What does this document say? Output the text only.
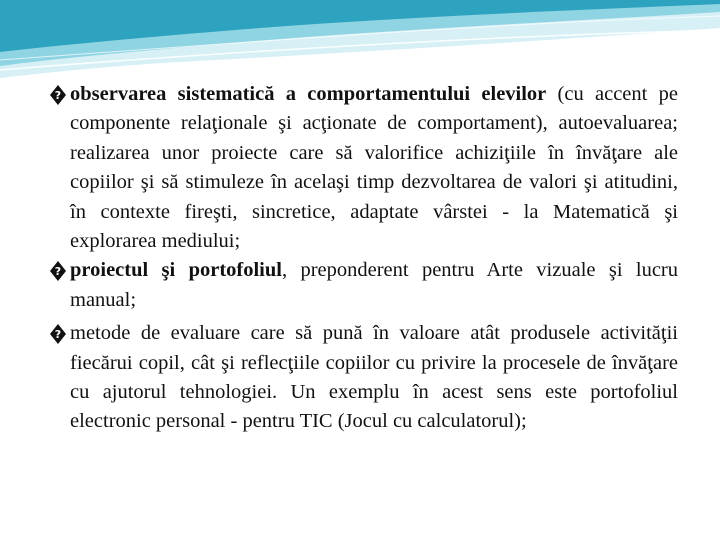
? observarea sistematică a comportamentului elevilor (cu accent pe componente relaţionale şi acţionate de comportament), autoevaluarea; realizarea unor proiecte care să valorifice achiziţiile în învăţare ale copiilor şi să stimuleze în acelaşi timp dezvoltarea de valori şi atitudini, în contexte fireşti, sincretice, adaptate vârstei - la Matematică şi explorarea mediului;
? proiectul şi portofoliul, preponderent pentru Arte vizuale şi lucru manual;
? metode de evaluare care să pună în valoare atât produsele activităţii fiecărui copil, cât şi reflecţiile copiilor cu privire la procesele de învăţare cu ajutorul tehnologiei. Un exemplu în acest sens este portofoliul electronic personal - pentru TIC (Jocul cu calculatorul);
